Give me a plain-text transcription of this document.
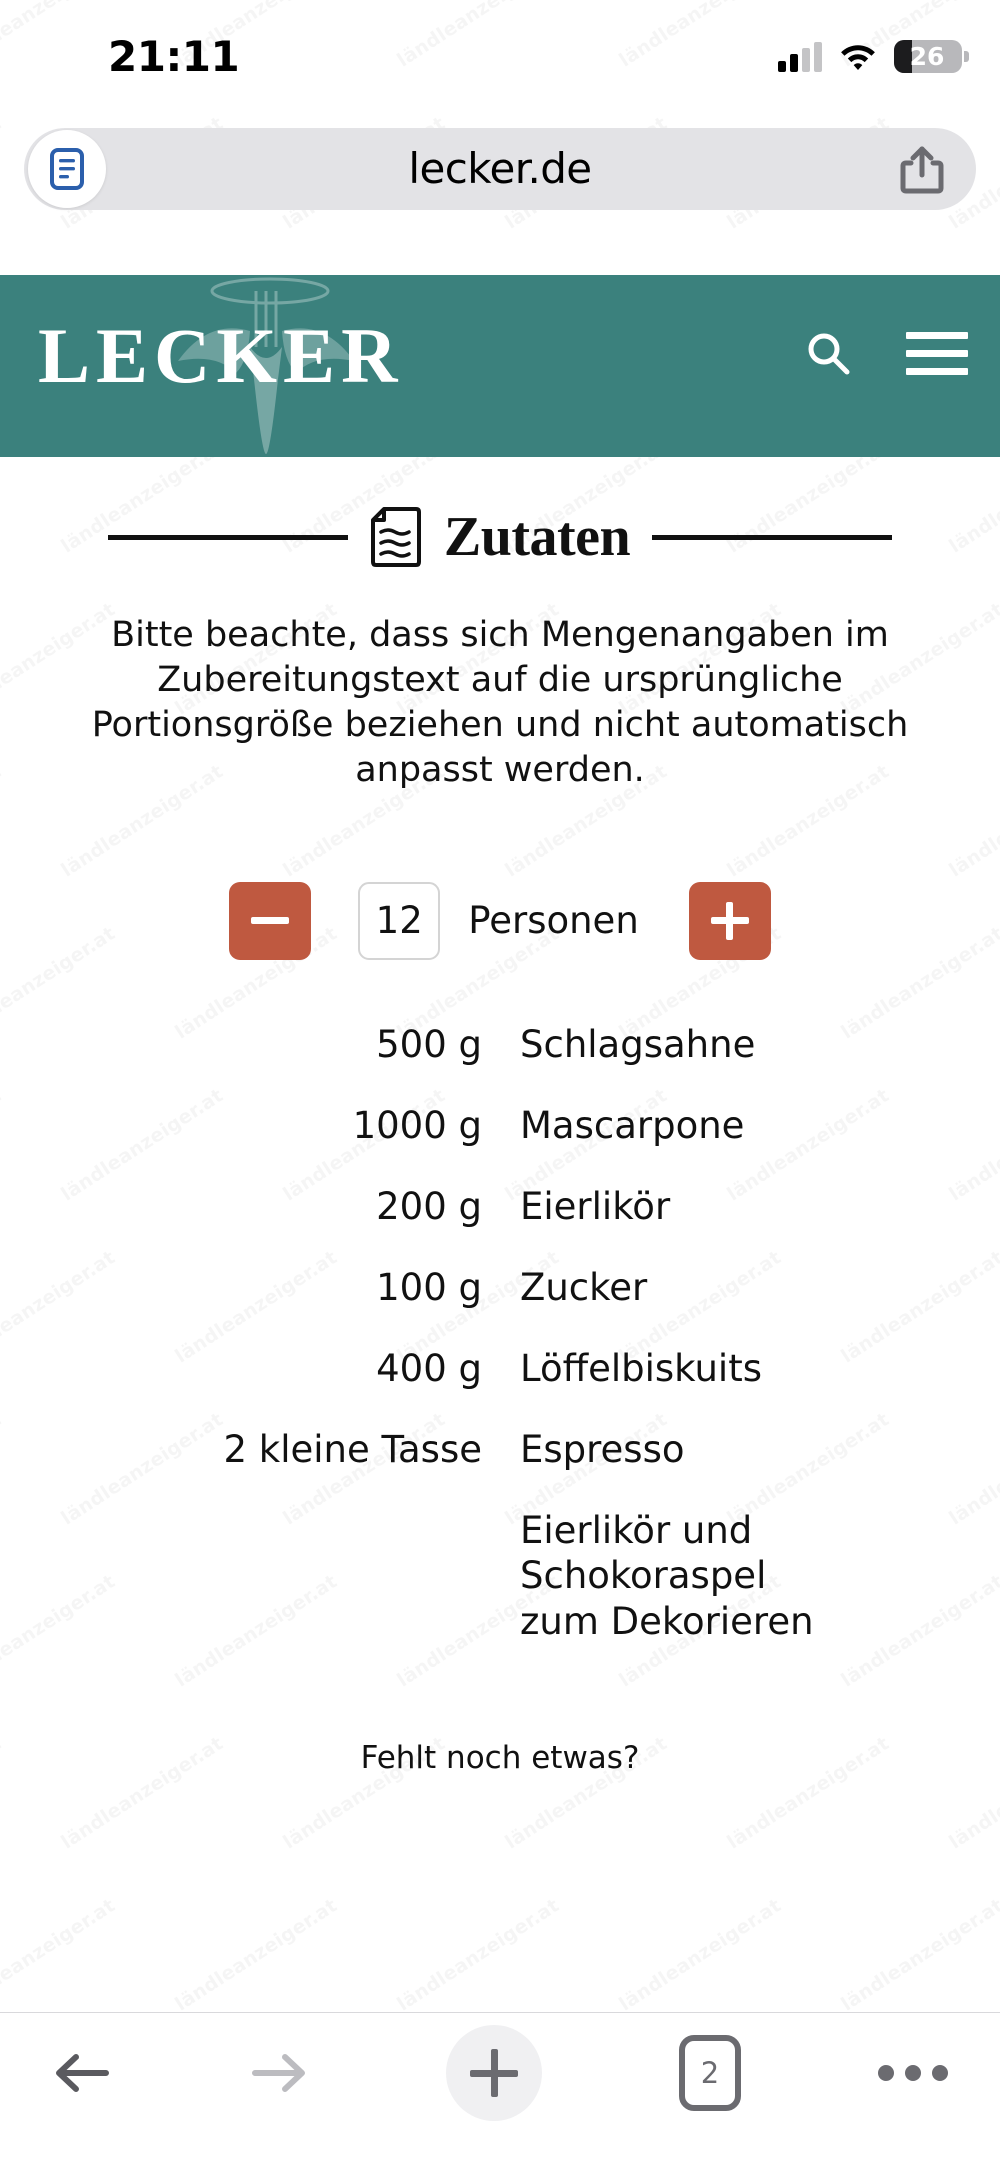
21:11	26
lecker.de
LECKER
Zutaten
Bitte beachte, dass sich Mengenangaben im Zubereitungstext auf die ursprüngliche Portionsgröße beziehen und nicht automatisch anpasst werden.
12	Personen
500 g Schlagsahne
1000 g Mascarpone
200 g Eierlikör
100 g Zucker
400 g Löffelbiskuits
2 kleine Tasse Espresso
Eierlikör und Schokoraspel zum Dekorieren
Fehlt noch etwas?
2
